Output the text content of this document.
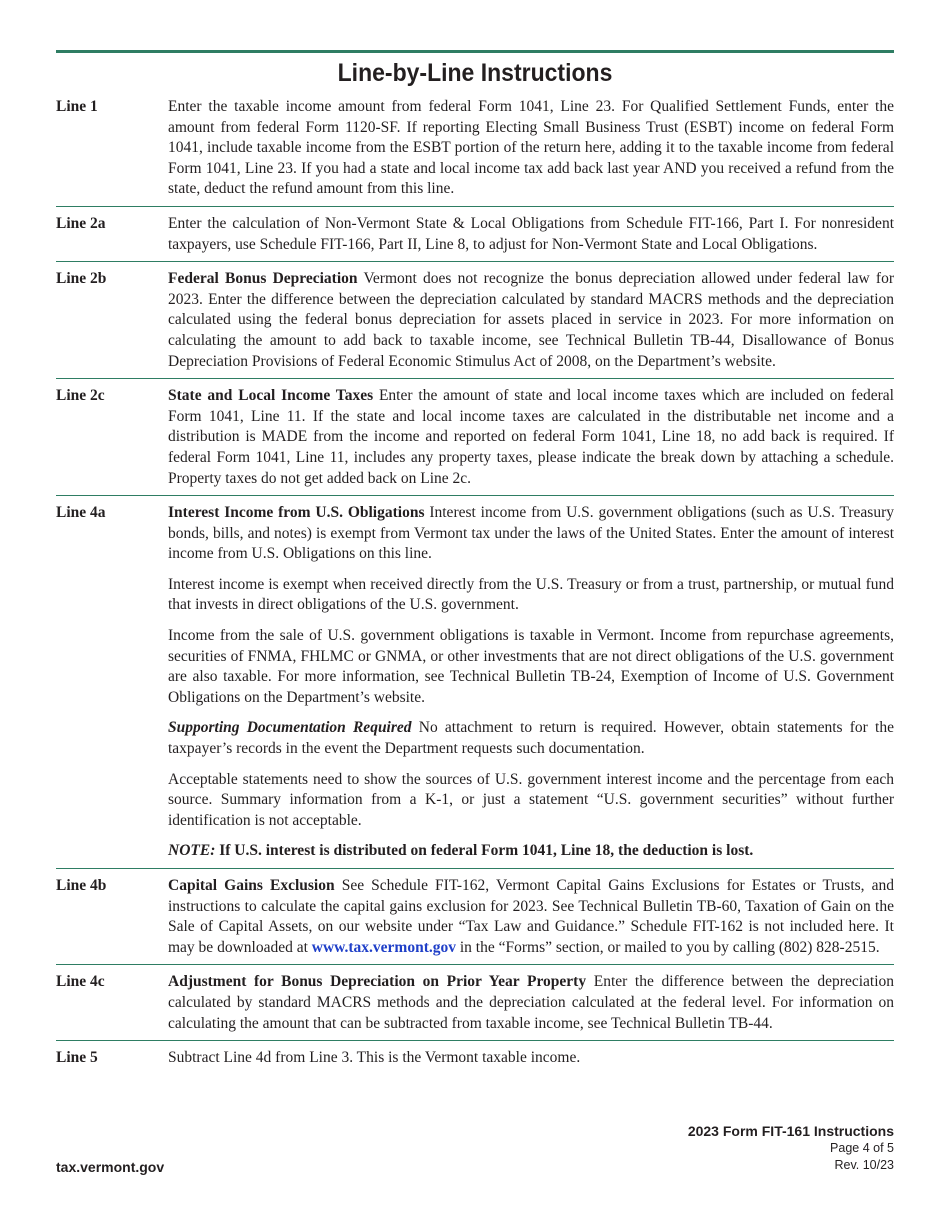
Line-by-Line Instructions
Line 1	Enter the taxable income amount from federal Form 1041, Line 23. For Qualified Settlement Funds, enter the amount from federal Form 1120-SF. If reporting Electing Small Business Trust (ESBT) income on federal Form 1041, include taxable income from the ESBT portion of the return here, adding it to the taxable income from federal Form 1041, Line 23. If you had a state and local income tax add back last year AND you received a refund from the state, deduct the refund amount from this line.
Line 2a	Enter the calculation of Non-Vermont State & Local Obligations from Schedule FIT-166, Part I. For nonresident taxpayers, use Schedule FIT-166, Part II, Line 8, to adjust for Non-Vermont State and Local Obligations.
Line 2b	Federal Bonus Depreciation Vermont does not recognize the bonus depreciation allowed under federal law for 2023. Enter the difference between the depreciation calculated by standard MACRS methods and the depreciation calculated using the federal bonus depreciation for assets placed in service in 2023. For more information on calculating the amount to add back to taxable income, see Technical Bulletin TB-44, Disallowance of Bonus Depreciation Provisions of Federal Economic Stimulus Act of 2008, on the Department’s website.
Line 2c	State and Local Income Taxes Enter the amount of state and local income taxes which are included on federal Form 1041, Line 11. If the state and local income taxes are calculated in the distributable net income and a distribution is MADE from the income and reported on federal Form 1041, Line 18, no add back is required. If federal Form 1041, Line 11, includes any property taxes, please indicate the break down by attaching a schedule. Property taxes do not get added back on Line 2c.
Line 4a	Interest Income from U.S. Obligations Interest income from U.S. government obligations (such as U.S. Treasury bonds, bills, and notes) is exempt from Vermont tax under the laws of the United States. Enter the amount of interest income from U.S. Obligations on this line.

Interest income is exempt when received directly from the U.S. Treasury or from a trust, partnership, or mutual fund that invests in direct obligations of the U.S. government.

Income from the sale of U.S. government obligations is taxable in Vermont. Income from repurchase agreements, securities of FNMA, FHLMC or GNMA, or other investments that are not direct obligations of the U.S. government are also taxable. For more information, see Technical Bulletin TB-24, Exemption of Income of U.S. Government Obligations on the Department’s website.

Supporting Documentation Required No attachment to return is required. However, obtain statements for the taxpayer’s records in the event the Department requests such documentation.

Acceptable statements need to show the sources of U.S. government interest income and the percentage from each source. Summary information from a K-1, or just a statement “U.S. government securities” without further identification is not acceptable.

NOTE: If U.S. interest is distributed on federal Form 1041, Line 18, the deduction is lost.

Line 4b	Capital Gains Exclusion See Schedule FIT-162, Vermont Capital Gains Exclusions for Estates or Trusts, and instructions to calculate the capital gains exclusion for 2023. See Technical Bulletin TB-60, Taxation of Gain on the Sale of Capital Assets, on our website under “Tax Law and Guidance.” Schedule FIT-162 is not included here. It may be downloaded at www.tax.vermont.gov in the “Forms” section, or mailed to you by calling (802) 828-2515.
Line 4c	Adjustment for Bonus Depreciation on Prior Year Property Enter the difference between the depreciation calculated by standard MACRS methods and the depreciation calculated at the federal level. For information on calculating the amount that can be subtracted from taxable income, see Technical Bulletin TB-44.
Line 5	Subtract Line 4d from Line 3. This is the Vermont taxable income.
2023 Form FIT-161 Instructions
Page 4 of 5
Rev. 10/23
tax.vermont.gov
